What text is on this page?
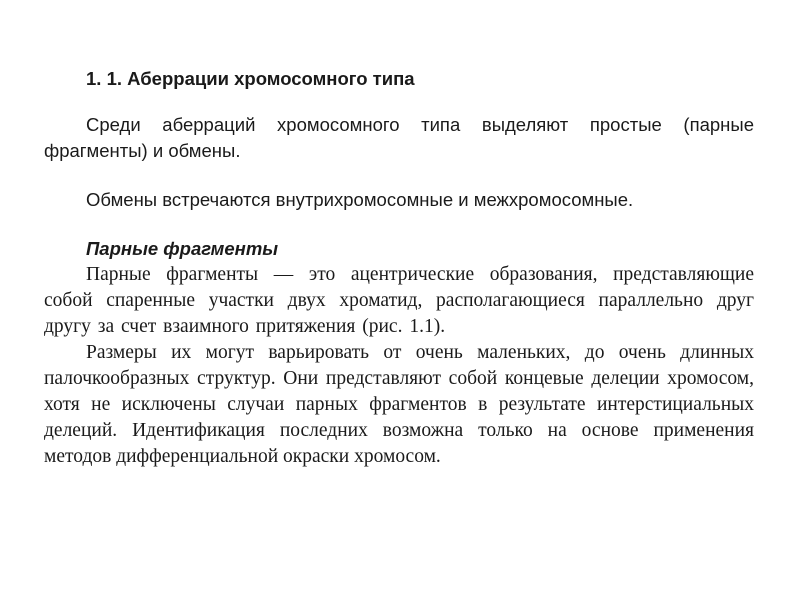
1. 1. Аберрации хромосомного типа

Среди аберраций хромосомного типа выделяют простые (парные фрагменты) и обмены.

Обмены встречаются внутрихромосомные и межхромосомные.

Парные фрагменты

Парные фрагменты — это ацентрические образования, представляющие собой спаренные участки двух хроматид, располагающиеся параллельно друг другу за счет взаимного притяжения (рис. 1.1).

Размеры их могут варьировать от очень маленьких, до очень длинных палочкообразных структур. Они представляют собой концевые делеции хромосом, хотя не исключены случаи парных фрагментов в результате интерстициальных делеций. Идентификация последних возможна только на основе применения методов дифференциальной окраски хромосом.
